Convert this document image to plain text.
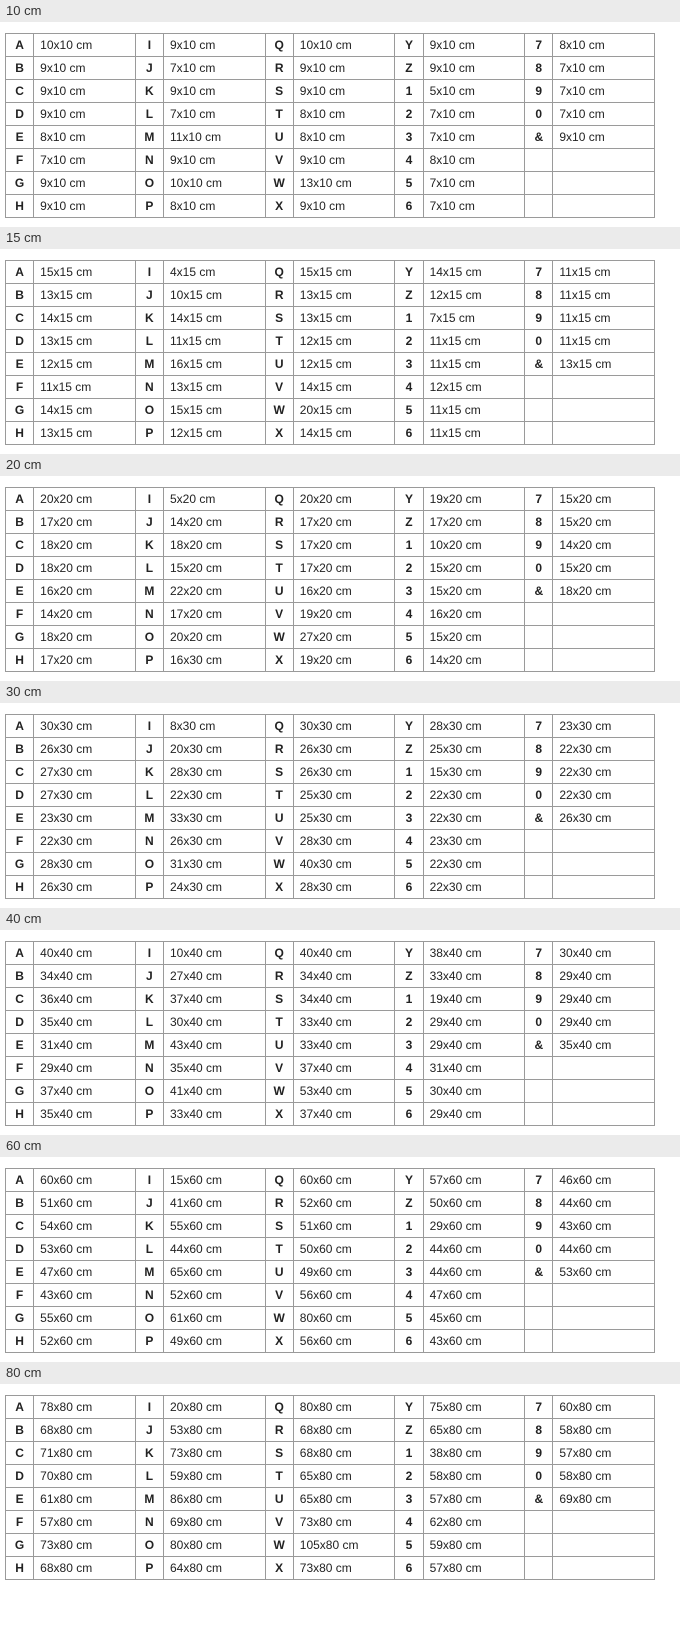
10 cm
A	10x10 cm	I	9x10 cm	Q	10x10 cm	Y	9x10 cm	7	8x10 cm
B	9x10 cm	J	7x10 cm	R	9x10 cm	Z	9x10 cm	8	7x10 cm
C	9x10 cm	K	9x10 cm	S	9x10 cm	1	5x10 cm	9	7x10 cm
D	9x10 cm	L	7x10 cm	T	8x10 cm	2	7x10 cm	0	7x10 cm
E	8x10 cm	M	11x10 cm	U	8x10 cm	3	7x10 cm	&	9x10 cm
F	7x10 cm	N	9x10 cm	V	9x10 cm	4	8x10 cm		
G	9x10 cm	O	10x10 cm	W	13x10 cm	5	7x10 cm		
H	9x10 cm	P	8x10 cm	X	9x10 cm	6	7x10 cm		
15 cm
A	15x15 cm	I	4x15 cm	Q	15x15 cm	Y	14x15 cm	7	11x15 cm
B	13x15 cm	J	10x15 cm	R	13x15 cm	Z	12x15 cm	8	11x15 cm
C	14x15 cm	K	14x15 cm	S	13x15 cm	1	7x15 cm	9	11x15 cm
D	13x15 cm	L	11x15 cm	T	12x15 cm	2	11x15 cm	0	11x15 cm
E	12x15 cm	M	16x15 cm	U	12x15 cm	3	11x15 cm	&	13x15 cm
F	11x15 cm	N	13x15 cm	V	14x15 cm	4	12x15 cm		
G	14x15 cm	O	15x15 cm	W	20x15 cm	5	11x15 cm		
H	13x15 cm	P	12x15 cm	X	14x15 cm	6	11x15 cm		
20 cm
A	20x20 cm	I	5x20 cm	Q	20x20 cm	Y	19x20 cm	7	15x20 cm
B	17x20 cm	J	14x20 cm	R	17x20 cm	Z	17x20 cm	8	15x20 cm
C	18x20 cm	K	18x20 cm	S	17x20 cm	1	10x20 cm	9	14x20 cm
D	18x20 cm	L	15x20 cm	T	17x20 cm	2	15x20 cm	0	15x20 cm
E	16x20 cm	M	22x20 cm	U	16x20 cm	3	15x20 cm	&	18x20 cm
F	14x20 cm	N	17x20 cm	V	19x20 cm	4	16x20 cm		
G	18x20 cm	O	20x20 cm	W	27x20 cm	5	15x20 cm		
H	17x20 cm	P	16x30 cm	X	19x20 cm	6	14x20 cm		
30 cm
A	30x30 cm	I	8x30 cm	Q	30x30 cm	Y	28x30 cm	7	23x30 cm
B	26x30 cm	J	20x30 cm	R	26x30 cm	Z	25x30 cm	8	22x30 cm
C	27x30 cm	K	28x30 cm	S	26x30 cm	1	15x30 cm	9	22x30 cm
D	27x30 cm	L	22x30 cm	T	25x30 cm	2	22x30 cm	0	22x30 cm
E	23x30 cm	M	33x30 cm	U	25x30 cm	3	22x30 cm	&	26x30 cm
F	22x30 cm	N	26x30 cm	V	28x30 cm	4	23x30 cm		
G	28x30 cm	O	31x30 cm	W	40x30 cm	5	22x30 cm		
H	26x30 cm	P	24x30 cm	X	28x30 cm	6	22x30 cm		
40 cm
A	40x40 cm	I	10x40 cm	Q	40x40 cm	Y	38x40 cm	7	30x40 cm
B	34x40 cm	J	27x40 cm	R	34x40 cm	Z	33x40 cm	8	29x40 cm
C	36x40 cm	K	37x40 cm	S	34x40 cm	1	19x40 cm	9	29x40 cm
D	35x40 cm	L	30x40 cm	T	33x40 cm	2	29x40 cm	0	29x40 cm
E	31x40 cm	M	43x40 cm	U	33x40 cm	3	29x40 cm	&	35x40 cm
F	29x40 cm	N	35x40 cm	V	37x40 cm	4	31x40 cm		
G	37x40 cm	O	41x40 cm	W	53x40 cm	5	30x40 cm		
H	35x40 cm	P	33x40 cm	X	37x40 cm	6	29x40 cm		
60 cm
A	60x60 cm	I	15x60 cm	Q	60x60 cm	Y	57x60 cm	7	46x60 cm
B	51x60 cm	J	41x60 cm	R	52x60 cm	Z	50x60 cm	8	44x60 cm
C	54x60 cm	K	55x60 cm	S	51x60 cm	1	29x60 cm	9	43x60 cm
D	53x60 cm	L	44x60 cm	T	50x60 cm	2	44x60 cm	0	44x60 cm
E	47x60 cm	M	65x60 cm	U	49x60 cm	3	44x60 cm	&	53x60 cm
F	43x60 cm	N	52x60 cm	V	56x60 cm	4	47x60 cm		
G	55x60 cm	O	61x60 cm	W	80x60 cm	5	45x60 cm		
H	52x60 cm	P	49x60 cm	X	56x60 cm	6	43x60 cm		
80 cm
A	78x80 cm	I	20x80 cm	Q	80x80 cm	Y	75x80 cm	7	60x80 cm
B	68x80 cm	J	53x80 cm	R	68x80 cm	Z	65x80 cm	8	58x80 cm
C	71x80 cm	K	73x80 cm	S	68x80 cm	1	38x80 cm	9	57x80 cm
D	70x80 cm	L	59x80 cm	T	65x80 cm	2	58x80 cm	0	58x80 cm
E	61x80 cm	M	86x80 cm	U	65x80 cm	3	57x80 cm	&	69x80 cm
F	57x80 cm	N	69x80 cm	V	73x80 cm	4	62x80 cm		
G	73x80 cm	O	80x80 cm	W	105x80 cm	5	59x80 cm		
H	68x80 cm	P	64x80 cm	X	73x80 cm	6	57x80 cm		
